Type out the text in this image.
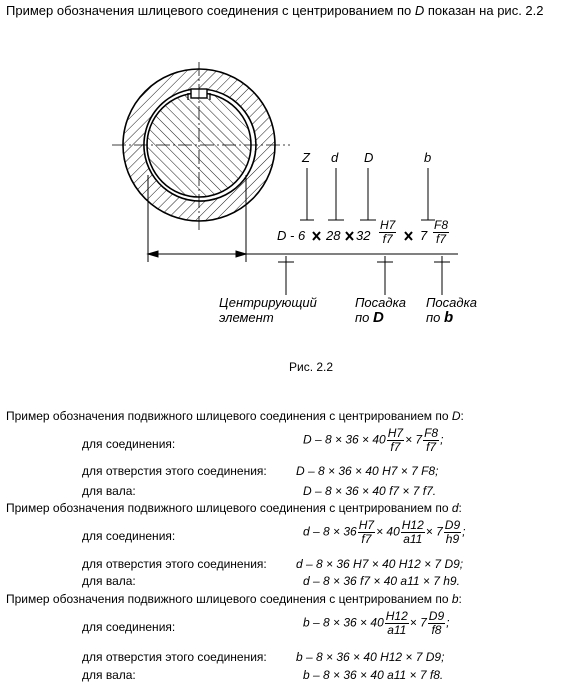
Пример обозначения шлицевого соединения с центрированием по D показан на рис. 2.2
Z d D	b
D - 6 28 $32 \frac{H7}{f7} 7 \frac{F8}{f7}$
Центрирующий
элемент
Посадка
по D
Посадка
по b
Рис. 2.2
Пример обозначения подвижного шлицевого соединения с центрированием по D:
для соединения:	$D - 8 \times 36 \times 40 \frac{H7}{f7} \times 7 \frac{F8}{f7}$ ;
для отверстия этого соединения: D – 8 × 36 × 40 H7 × 7 F8;
для вала:	D – 8 × 36 × 40 f7 × 7 f7.
Пример обозначения подвижного шлицевого соединения с центрированием по d:
для соединения:	$d - 8 \times 36 \frac{H7}{f7} \times 40 \frac{H12}{a11} \times 7 \frac{D9}{h9}$ ;
для отверстия этого соединения: d – 8 × 36 H7 × 40 H12 × 7 D9;
для вала:	d – 8 × 36 f7 × 40 a11 × 7 h9.
Пример обозначения подвижного шлицевого соединения с центрированием по b:
для соединения:	$b - 8 \times 36 \times 40 \frac{H12}{a11} \times 7 \frac{D9}{f8}$ ;
для отверстия этого соединения: b – 8 × 36 × 40 H12 × 7 D9;
для вала:	b – 8 × 36 × 40 a11 × 7 f8.
